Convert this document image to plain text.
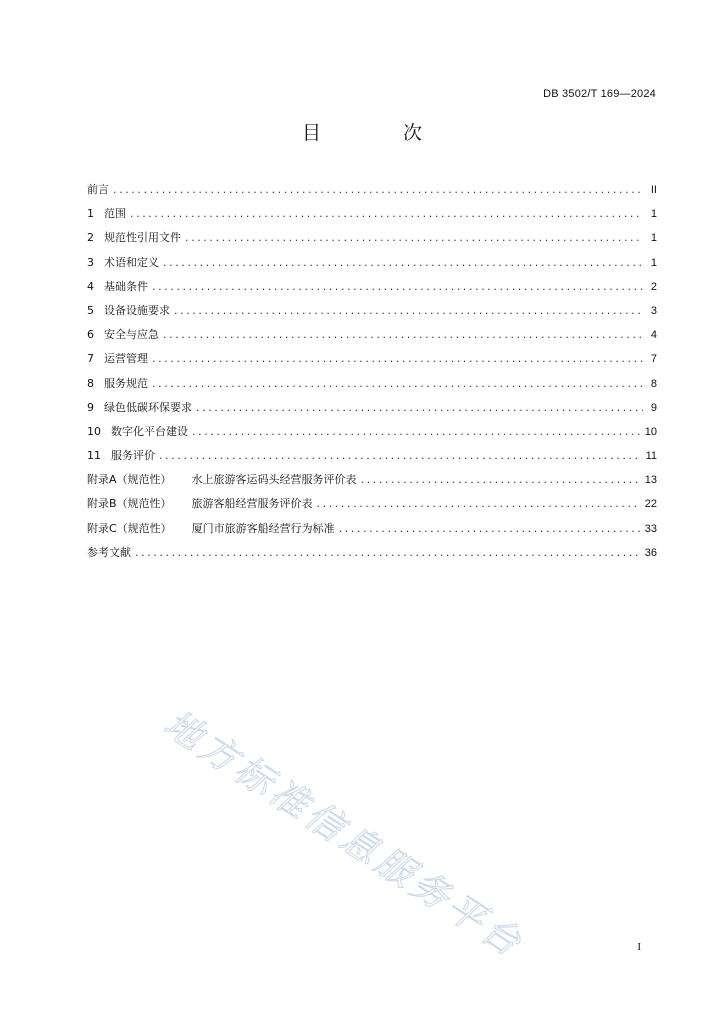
DB 3502/T 169—2024
目 次
前言 .....	II
1 范围 .....	1
2 规范性引用文件 .....	1
3 术语和定义 .....	1
4 基础条件 .....	2
5 设备设施要求 .....	3
6 安全与应急 .....	4
7 运营管理 .....	7
8 服务规范 .....	8
9 绿色低碳环保要求 .....	9
10 数字化平台建设 .....	10
11 服务评价 .....	11
附录A（规范性） 水上旅游客运码头经营服务评价表 .....	13
附录B（规范性） 旅游客船经营服务评价表 .....	22
附录C（规范性） 厦门市旅游客船经营行为标准 .....	33
参考文献 .....	36
地方标准信息服务平台	I
